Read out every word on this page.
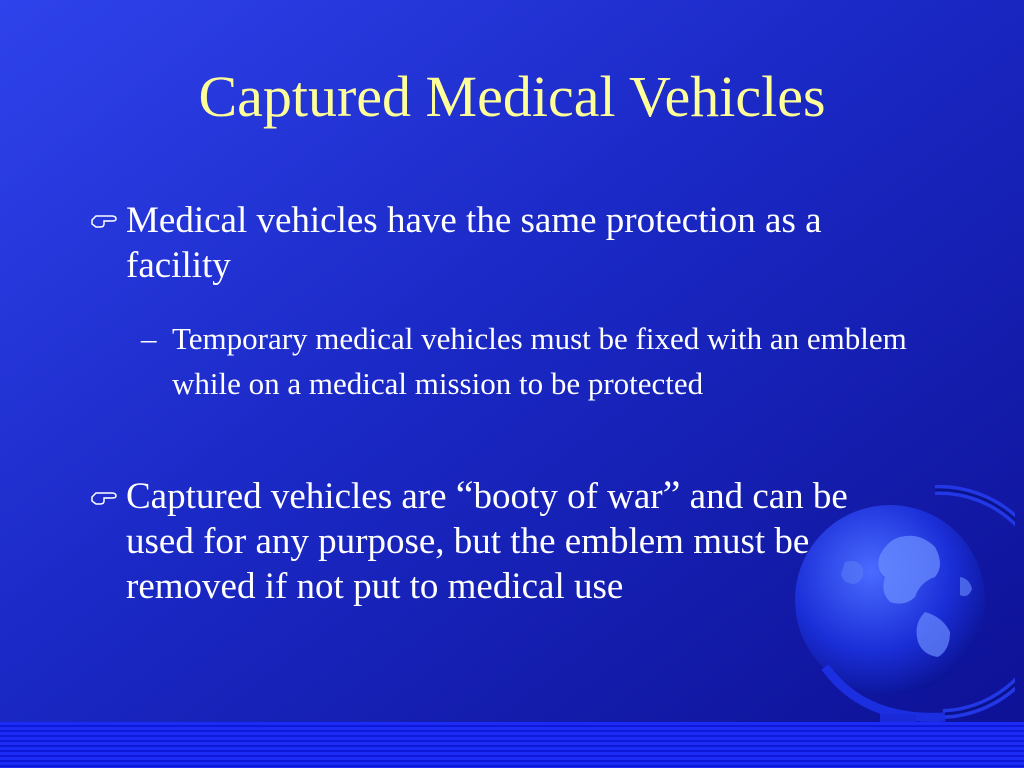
Captured Medical Vehicles
Medical vehicles have the same protection as a facility
– Temporary medical vehicles must be fixed with an emblem while on a medical mission to be protected
Captured vehicles are “booty of war” and can be used for any purpose, but the emblem must be removed if not put to medical use
